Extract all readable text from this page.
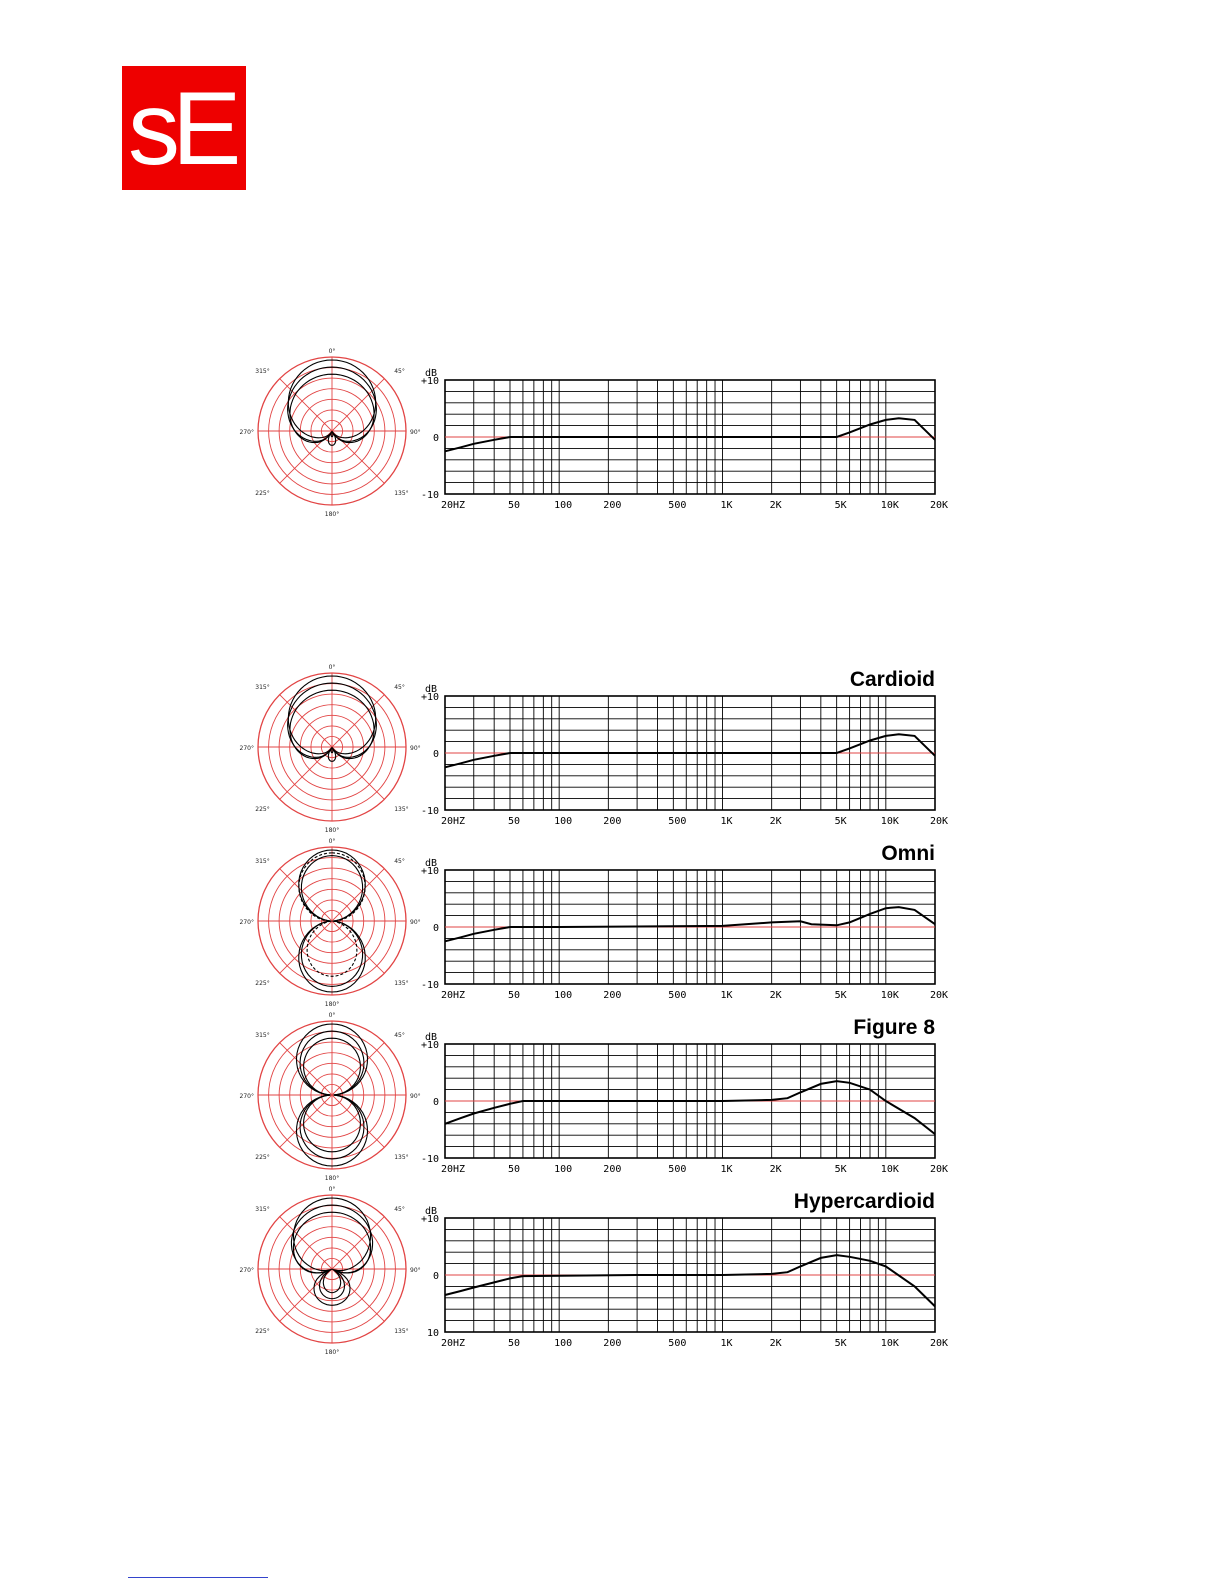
sE
0°
45°
90°
135°
180°
225°
270°
315°	dB
+10
0
-10
20HZ	50	100	200	500	1K	2K	5K	10K	20K
0°
45°
90°
135°
180°
225°
270°
315°	dB
+10
0
-10
20HZ	50	100	200	500	1K	2K	5K	10K	20K
Cardioid
0°
45°
90°
135°
180°
225°
270°
315°	dB
+10
0
-10
20HZ	50	100	200	500	1K	2K	5K	10K	20K
Omni
0°
45°
90°
135°
180°
225°
270°
315°	dB
+10
0
-10
20HZ	50	100	200	500	1K	2K	5K	10K	20K
Figure 8
0°
45°
90°
135°
180°
225°
270°
315°	dB
+10
0
10
20HZ	50	100	200	500	1K	2K	5K	10K	20K
Hypercardioid
